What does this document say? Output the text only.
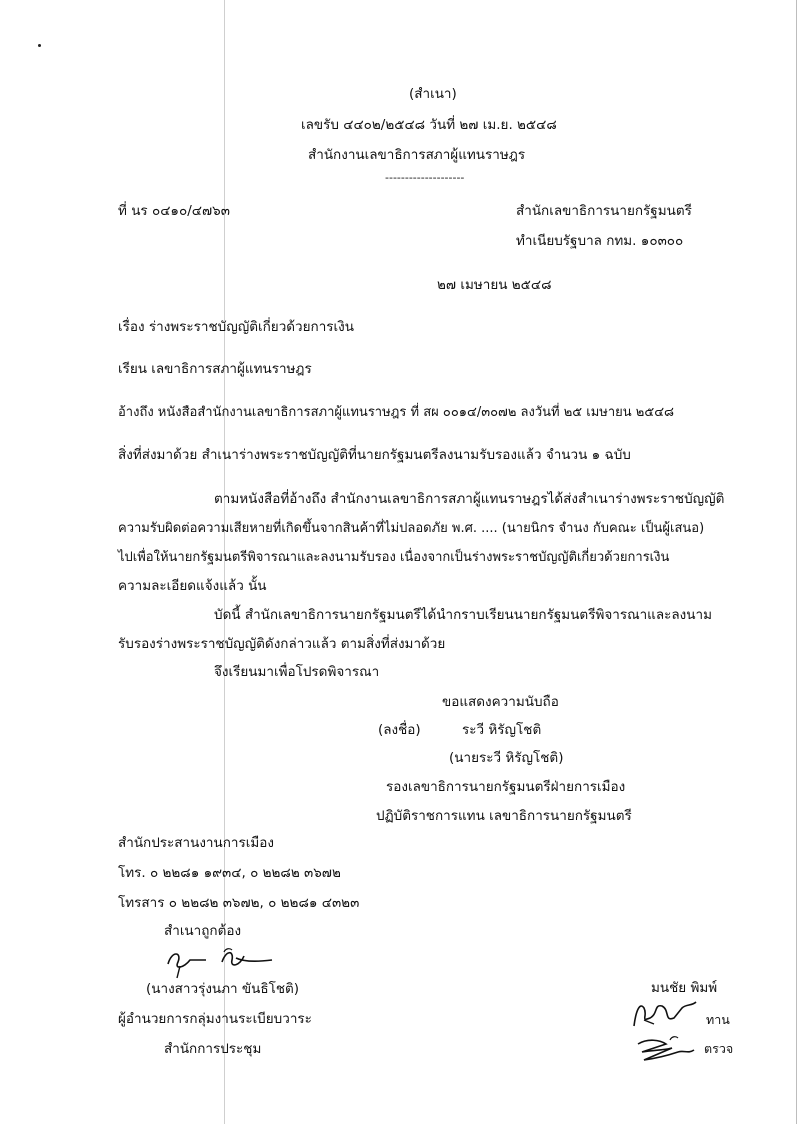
(สำเนา)
เลขรับ ๔๔๐๒/๒๕๔๘ วันที่ ๒๗ เม.ย. ๒๕๔๘
สำนักงานเลขาธิการสภาผู้แทนราษฎร
--------------------
ที่ นร ๐๔๑๐/๔๗๖๓	สำนักเลขาธิการนายกรัฐมนตรี
ทำเนียบรัฐบาล กทม. ๑๐๓๐๐
๒๗ เมษายน ๒๕๔๘
เรื่อง ร่างพระราชบัญญัติเกี่ยวด้วยการเงิน
เรียน เลขาธิการสภาผู้แทนราษฎร
อ้างถึง หนังสือสำนักงานเลขาธิการสภาผู้แทนราษฎร ที่ สผ ๐๐๑๔/๓๐๗๒ ลงวันที่ ๒๕ เมษายน ๒๕๔๘
สิ่งที่ส่งมาด้วย สำเนาร่างพระราชบัญญัติที่นายกรัฐมนตรีลงนามรับรองแล้ว จำนวน ๑ ฉบับ
ตามหนังสือที่อ้างถึง สำนักงานเลขาธิการสภาผู้แทนราษฎรได้ส่งสำเนาร่างพระราชบัญญัติ
ความรับผิดต่อความเสียหายที่เกิดขึ้นจากสินค้าที่ไม่ปลอดภัย พ.ศ. .... (นายนิกร จำนง กับคณะ เป็นผู้เสนอ)
ไปเพื่อให้นายกรัฐมนตรีพิจารณาและลงนามรับรอง เนื่องจากเป็นร่างพระราชบัญญัติเกี่ยวด้วยการเงิน
ความละเอียดแจ้งแล้ว นั้น
บัดนี้ สำนักเลขาธิการนายกรัฐมนตรีได้นำกราบเรียนนายกรัฐมนตรีพิจารณาและลงนาม
รับรองร่างพระราชบัญญัติดังกล่าวแล้ว ตามสิ่งที่ส่งมาด้วย
จึงเรียนมาเพื่อโปรดพิจารณา
ขอแสดงความนับถือ
(ลงชื่อ)	ระวี หิรัญโชติ
(นายระวี หิรัญโชติ)
รองเลขาธิการนายกรัฐมนตรีฝ่ายการเมือง
ปฏิบัติราชการแทน เลขาธิการนายกรัฐมนตรี
สำนักประสานงานการเมือง
โทร. ๐ ๒๒๘๑ ๑๙๓๔, ๐ ๒๒๘๒ ๓๖๗๒
โทรสาร ๐ ๒๒๘๒ ๓๖๗๒, ๐ ๒๒๘๑ ๔๓๒๓
สำเนาถูกต้อง
(นางสาวรุ่งนภา ขันธิโชติ)
ผู้อำนวยการกลุ่มงานระเบียบวาระ
สำนักการประชุม
มนชัย พิมพ์
ทาน
ตรวจ
